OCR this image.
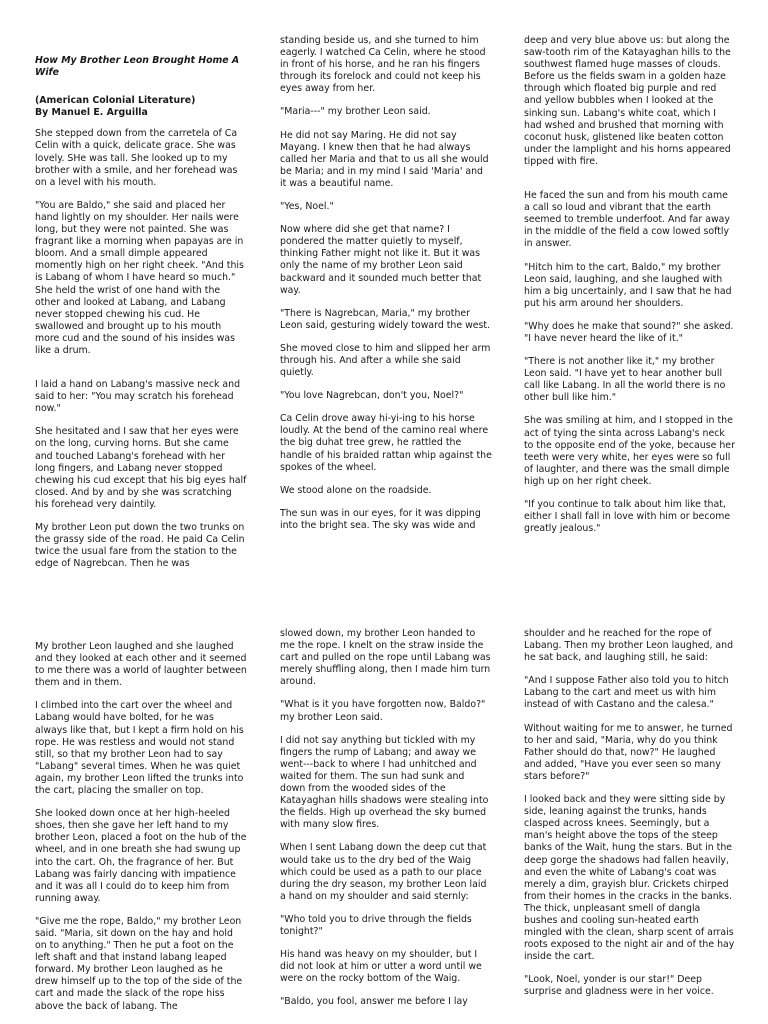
How My Brother Leon Brought Home A Wife
(American Colonial Literature)
By Manuel E. Arguilla

She stepped down from the carretela of Ca Celin with a quick, delicate grace. She was lovely. SHe was tall. She looked up to my brother with a smile, and her forehead was on a level with his mouth.

"You are Baldo," she said and placed her hand lightly on my shoulder. Her nails were long, but they were not painted. She was fragrant like a morning when papayas are in bloom. And a small dimple appeared momently high on her right cheek. "And this is Labang of whom I have heard so much." She held the wrist of one hand with the other and looked at Labang, and Labang never stopped chewing his cud. He swallowed and brought up to his mouth more cud and the sound of his insides was like a drum.

I laid a hand on Labang's massive neck and said to her: "You may scratch his forehead now."

She hesitated and I saw that her eyes were on the long, curving horns. But she came and touched Labang's forehead with her long fingers, and Labang never stopped chewing his cud except that his big eyes half closed. And by and by she was scratching his forehead very daintily.

My brother Leon put down the two trunks on the grassy side of the road. He paid Ca Celin twice the usual fare from the station to the edge of Nagrebcan. Then he was

standing beside us, and she turned to him eagerly. I watched Ca Celin, where he stood in front of his horse, and he ran his fingers through its forelock and could not keep his eyes away from her.

"Maria---" my brother Leon said.

He did not say Maring. He did not say Mayang. I knew then that he had always called her Maria and that to us all she would be Maria; and in my mind I said 'Maria' and it was a beautiful name.

"Yes, Noel."

Now where did she get that name? I pondered the matter quietly to myself, thinking Father might not like it. But it was only the name of my brother Leon said backward and it sounded much better that way.

"There is Nagrebcan, Maria," my brother Leon said, gesturing widely toward the west.

She moved close to him and slipped her arm through his. And after a while she said quietly.

"You love Nagrebcan, don't you, Noel?"

Ca Celin drove away hi-yi-ing to his horse loudly. At the bend of the camino real where the big duhat tree grew, he rattled the handle of his braided rattan whip against the spokes of the wheel.

We stood alone on the roadside.

The sun was in our eyes, for it was dipping into the bright sea. The sky was wide and

deep and very blue above us: but along the saw-tooth rim of the Katayaghan hills to the southwest flamed huge masses of clouds. Before us the fields swam in a golden haze through which floated big purple and red and yellow bubbles when I looked at the sinking sun. Labang's white coat, which I had wshed and brushed that morning with coconut husk, glistened like beaten cotton under the lamplight and his horns appeared tipped with fire.

He faced the sun and from his mouth came a call so loud and vibrant that the earth seemed to tremble underfoot. And far away in the middle of the field a cow lowed softly in answer.

"Hitch him to the cart, Baldo," my brother Leon said, laughing, and she laughed with him a big uncertainly, and I saw that he had put his arm around her shoulders.

"Why does he make that sound?" she asked. "I have never heard the like of it."

"There is not another like it," my brother Leon said. "I have yet to hear another bull call like Labang. In all the world there is no other bull like him."

She was smiling at him, and I stopped in the act of tying the sinta across Labang's neck to the opposite end of the yoke, because her teeth were very white, her eyes were so full of laughter, and there was the small dimple high up on her right cheek.

"If you continue to talk about him like that, either I shall fall in love with him or become greatly jealous."

My brother Leon laughed and she laughed and they looked at each other and it seemed to me there was a world of laughter between them and in them.

I climbed into the cart over the wheel and Labang would have bolted, for he was always like that, but I kept a firm hold on his rope. He was restless and would not stand still, so that my brother Leon had to say "Labang" several times. When he was quiet again, my brother Leon lifted the trunks into the cart, placing the smaller on top.

She looked down once at her high-heeled shoes, then she gave her left hand to my brother Leon, placed a foot on the hub of the wheel, and in one breath she had swung up into the cart. Oh, the fragrance of her. But Labang was fairly dancing with impatience and it was all I could do to keep him from running away.

"Give me the rope, Baldo," my brother Leon said. "Maria, sit down on the hay and hold on to anything." Then he put a foot on the left shaft and that instand labang leaped forward. My brother Leon laughed as he drew himself up to the top of the side of the cart and made the slack of the rope hiss above the back of labang. The

slowed down, my brother Leon handed to me the rope. I knelt on the straw inside the cart and pulled on the rope until Labang was merely shuffling along, then I made him turn around.

"What is it you have forgotten now, Baldo?" my brother Leon said.

I did not say anything but tickled with my fingers the rump of Labang; and away we went---back to where I had unhitched and waited for them. The sun had sunk and down from the wooded sides of the Katayaghan hills shadows were stealing into the fields. High up overhead the sky burned with many slow fires.

When I sent Labang down the deep cut that would take us to the dry bed of the Waig which could be used as a path to our place during the dry season, my brother Leon laid a hand on my shoulder and said sternly:

"Who told you to drive through the fields tonight?"

His hand was heavy on my shoulder, but I did not look at him or utter a word until we were on the rocky bottom of the Waig.

"Baldo, you fool, answer me before I lay

shoulder and he reached for the rope of Labang. Then my brother Leon laughed, and he sat back, and laughing still, he said:

"And I suppose Father also told you to hitch Labang to the cart and meet us with him instead of with Castano and the calesa."

Without waiting for me to answer, he turned to her and said, "Maria, why do you think Father should do that, now?" He laughed and added, "Have you ever seen so many stars before?"

I looked back and they were sitting side by side, leaning against the trunks, hands clasped across knees. Seemingly, but a man's height above the tops of the steep banks of the Wait, hung the stars. But in the deep gorge the shadows had fallen heavily, and even the white of Labang's coat was merely a dim, grayish blur. Crickets chirped from their homes in the cracks in the banks. The thick, unpleasant smell of dangla bushes and cooling sun-heated earth mingled with the clean, sharp scent of arrais roots exposed to the night air and of the hay inside the cart.

"Look, Noel, yonder is our star!" Deep surprise and gladness were in her voice.
